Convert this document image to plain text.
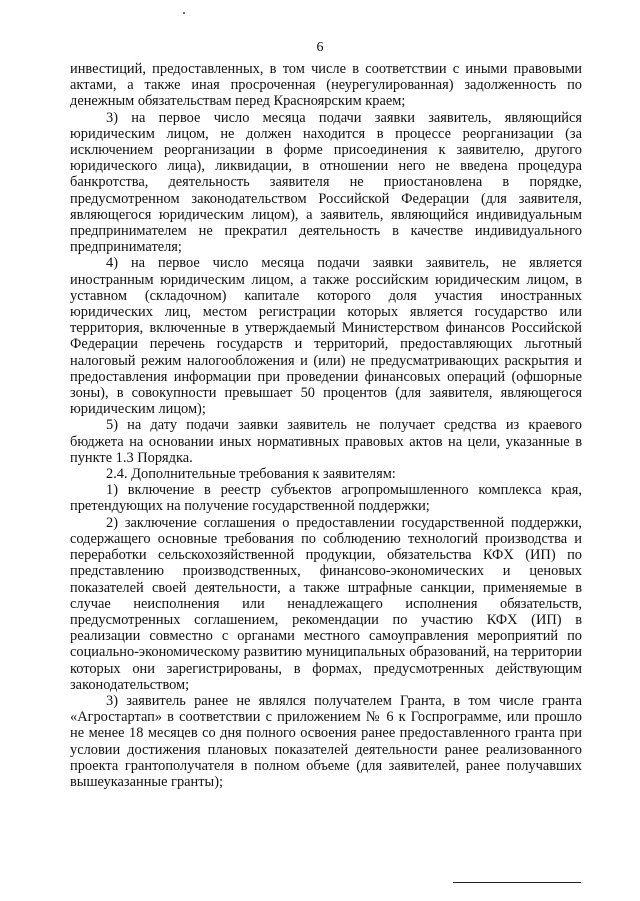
6

инвестиций, предоставленных, в том числе в соответствии с иными правовыми актами, а также иная просроченная (неурегулированная) задолженность по денежным обязательствам перед Красноярским краем;

3) на первое число месяца подачи заявки заявитель, являющийся юридическим лицом, не должен находится в процессе реорганизации (за исключением реорганизации в форме присоединения к заявителю, другого юридического лица), ликвидации, в отношении него не введена процедура банкротства, деятельность заявителя не приостановлена в порядке, предусмотренном законодательством Российской Федерации (для заявителя, являющегося юридическим лицом), а заявитель, являющийся индивидуальным предпринимателем не прекратил деятельность в качестве индивидуального предпринимателя;

4) на первое число месяца подачи заявки заявитель, не является иностранным юридическим лицом, а также российским юридическим лицом, в уставном (складочном) капитале которого доля участия иностранных юридических лиц, местом регистрации которых является государство или территория, включенные в утверждаемый Министерством финансов Российской Федерации перечень государств и территорий, предоставляющих льготный налоговый режим налогообложения и (или) не предусматривающих раскрытия и предоставления информации при проведении финансовых операций (офшорные зоны), в совокупности превышает 50 процентов (для заявителя, являющегося юридическим лицом);

5) на дату подачи заявки заявитель не получает средства из краевого бюджета на основании иных нормативных правовых актов на цели, указанные в пункте 1.3 Порядка.

2.4. Дополнительные требования к заявителям:

1) включение в реестр субъектов агропромышленного комплекса края, претендующих на получение государственной поддержки;

2) заключение соглашения о предоставлении государственной поддержки, содержащего основные требования по соблюдению технологий производства и переработки сельскохозяйственной продукции, обязательства КФХ (ИП) по представлению производственных, финансово-экономических и ценовых показателей своей деятельности, а также штрафные санкции, применяемые в случае неисполнения или ненадлежащего исполнения обязательств, предусмотренных соглашением, рекомендации по участию КФХ (ИП) в реализации совместно с органами местного самоуправления мероприятий по социально-экономическому развитию муниципальных образований, на территории которых они зарегистрированы, в формах, предусмотренных действующим законодательством;

3) заявитель ранее не являлся получателем Гранта, в том числе гранта «Агростартап» в соответствии с приложением № 6 к Госпрограмме, или прошло не менее 18 месяцев со дня полного освоения ранее предоставленного гранта при условии достижения плановых показателей деятельности ранее реализованного проекта грантополучателя в полном объеме (для заявителей, ранее получавших вышеуказанные гранты);
